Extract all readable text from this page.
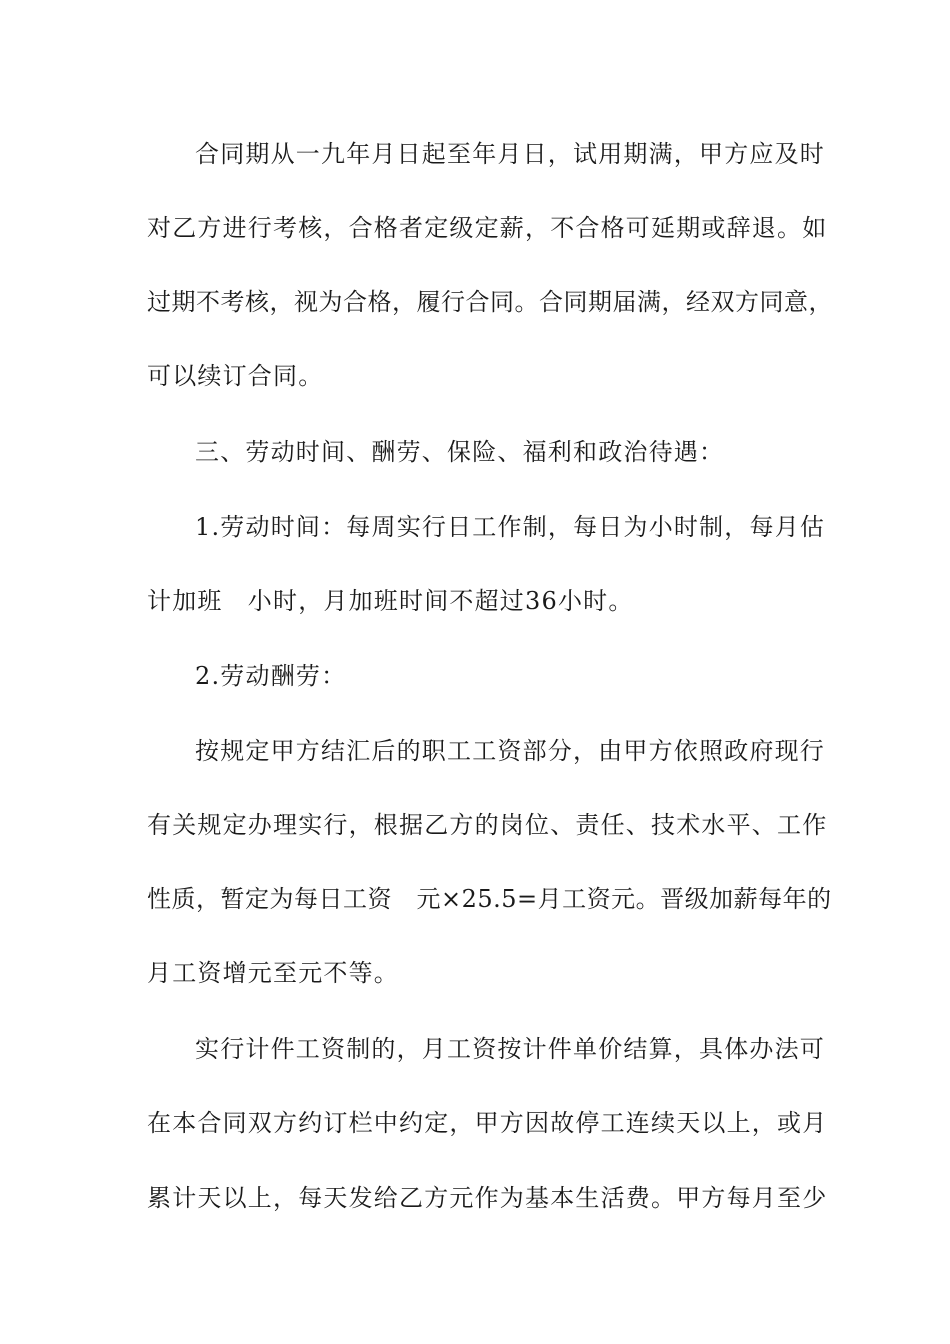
合同期从一九年月日起至年月日，试用期满，甲方应及时
对乙方进行考核，合格者定级定薪，不合格可延期或辞退。如
过期不考核，视为合格，履行合同。合同期届满，经双方同意，
可以续订合同。
三、劳动时间、酬劳、保险、福利和政治待遇：
1.劳动时间：每周实行日工作制，每日为小时制，每月估
计加班　小时，月加班时间不超过36小时。
2.劳动酬劳：
按规定甲方结汇后的职工工资部分，由甲方依照政府现行
有关规定办理实行，根据乙方的岗位、责任、技术水平、工作
性质，暂定为每日工资　元×25.5=月工资元。晋级加薪每年的
月工资增元至元不等。
实行计件工资制的，月工资按计件单价结算，具体办法可
在本合同双方约订栏中约定，甲方因故停工连续天以上，或月
累计天以上，每天发给乙方元作为基本生活费。甲方每月至少
